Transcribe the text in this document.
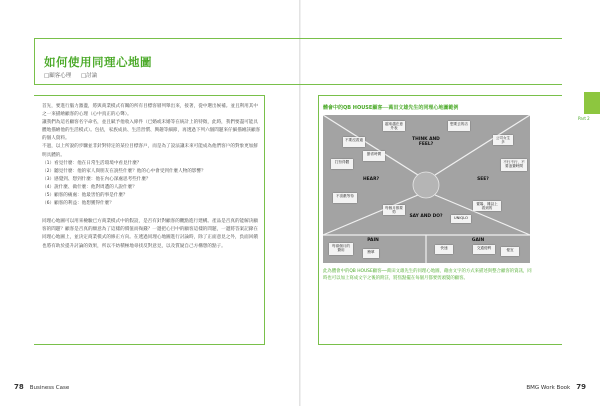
如何使用同理心地圖
□顧客心理 □討論

首先，要進行腦力激盪，將與商業模式有關的所有目標客層列舉出來，接著，從中選出候補。並且利用其中之一來描繪顧客的心理（心中真正的心聲）。

讓我們為這名顧客名字命名，並且賦予他收入條件（已婚或未婚等在統計上的特徵，此時，我們要盡可能具體地描繪他的生活模式）。包括，家族成員、生活習慣、興趣等細節，再透過下列六個問題來仔細描繪該顧客的個人資料。

不過，以上所說的步驟並非針對特定的某位目標客戶，而是為了設法讓未來可能成為他們客戶的對象更加鮮明具體的。

（1）看見什麼：他在日常生活環境中看見什麼？

（2）聽見什麼：他的家人與朋友在說些什麼？他的心中會受到什麼人物的影響？

（3）感覺到、想到什麼：他在內心深處思考些什麼？

（4）說什麼、做什麼：他對周遭的人說什麼？

（5）顧客的痛處：他最害怕的事是什麼？

（6）顧客的利益：他想獲得什麼？

同理心地圖可以用來檢驗已方商業模式中的假設，是否有針對顧客的觀點進行建構。產品是否真的能解決顧客的問題？顧客是否真的願意為了這樣的價值而掏錢？一邊把心目中的顧客這樣的問題，一邊將答案記錄在同理心地圖上，並決定商業模式的修正方向。在透過同理心地圖進行討論時，除了正面意見之外，負面回饋也將有助於提升討論的效果，所以不妨積極地尋找反對意見，以及質疑自己方構想的點子。

體會中的QB HOUSE顧客──萬田文雄先生的同理心地圖範例
THINK AND FEEL?
HEAR?	SEE?
SAY AND DO?
PAIN	GAIN
越來越在意外表
不要沒看過
想要去的店
公司女生多
打扮得體
節省時間
不喜歡等待
不行不行，不要浪費時間
賣場、雜誌上看到的
每個月都要剪
UNIQLO
快速	交通便利
簡單
每兩個月的費用	便宜
此為體會中的QB HOUSE顧客──萬田文雄先生的同理心地圖，藉由文字的方式來描述與整合顧客的資訊，同時也可以加上寫成文字之後的附註，將焦點擺在每個月都要剪頭髮的顧客。
Part 2
78 Business Case	BMG Work Book 79
